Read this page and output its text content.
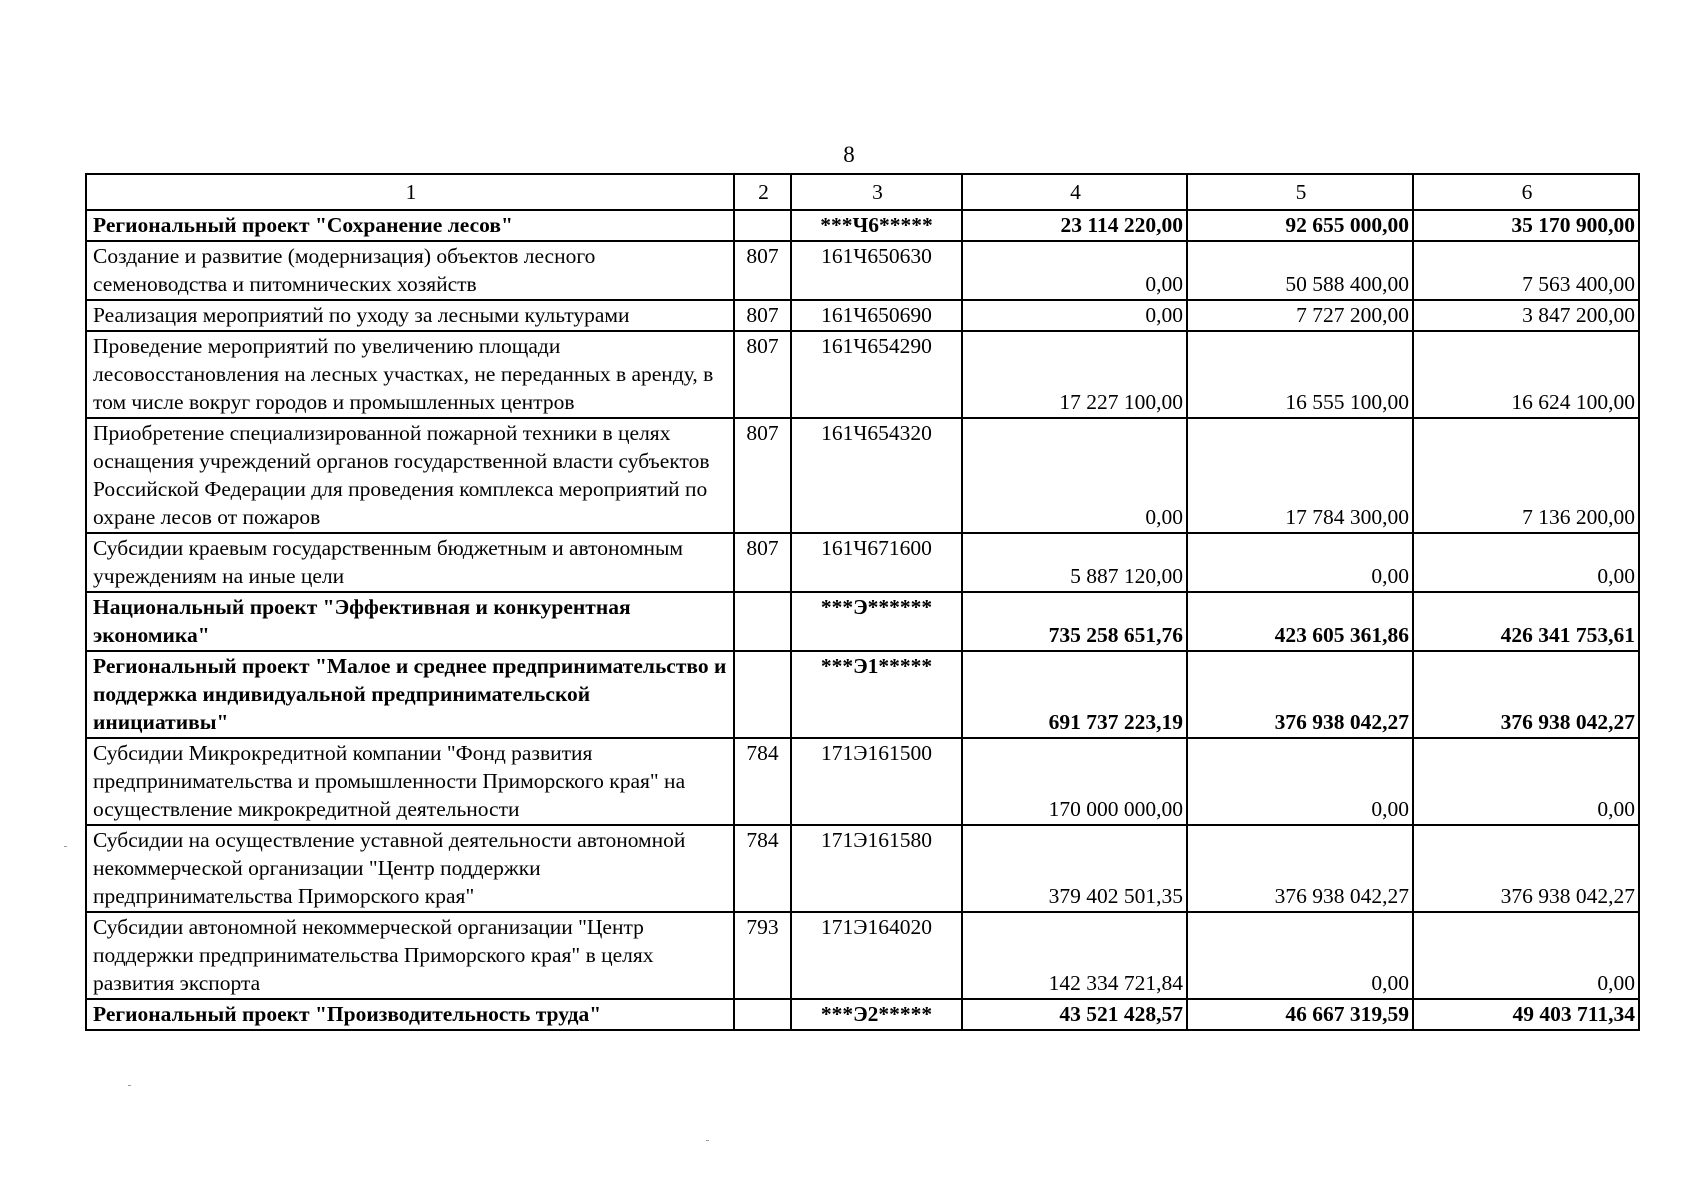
8
1	2	3	4	5	6
Региональный проект "Сохранение лесов"		***Ч6*****	23 114 220,00	92 655 000,00	35 170 900,00
Создание и развитие (модернизация) объектов лесного семеноводства и питомнических хозяйств	807	161Ч650630	0,00	50 588 400,00	7 563 400,00
Реализация мероприятий по уходу за лесными культурами	807	161Ч650690	0,00	7 727 200,00	3 847 200,00
Проведение мероприятий по увеличению площади лесовосстановления на лесных участках, не переданных в аренду, в том числе вокруг городов и промышленных центров	807	161Ч654290	17 227 100,00	16 555 100,00	16 624 100,00
Приобретение специализированной пожарной техники в целях оснащения учреждений органов государственной власти субъектов Российской Федерации для проведения комплекса мероприятий по охране лесов от пожаров	807	161Ч654320	0,00	17 784 300,00	7 136 200,00
Субсидии краевым государственным бюджетным и автономным учреждениям на иные цели	807	161Ч671600	5 887 120,00	0,00	0,00
Национальный проект "Эффективная и конкурентная экономика"		***Э******	735 258 651,76	423 605 361,86	426 341 753,61
Региональный проект "Малое и среднее предпринимательство и поддержка индивидуальной предпринимательской инициативы"		***Э1*****	691 737 223,19	376 938 042,27	376 938 042,27
Субсидии Микрокредитной компании "Фонд развития предпринимательства и промышленности Приморского края" на осуществление микрокредитной деятельности	784	171Э161500	170 000 000,00	0,00	0,00
Субсидии на осуществление уставной деятельности автономной некоммерческой организации "Центр поддержки предпринимательства Приморского края"	784	171Э161580	379 402 501,35	376 938 042,27	376 938 042,27
Субсидии автономной некоммерческой организации "Центр поддержки предпринимательства Приморского края" в целях развития экспорта	793	171Э164020	142 334 721,84	0,00	0,00
Региональный проект "Производительность труда"		***Э2*****	43 521 428,57	46 667 319,59	49 403 711,34
